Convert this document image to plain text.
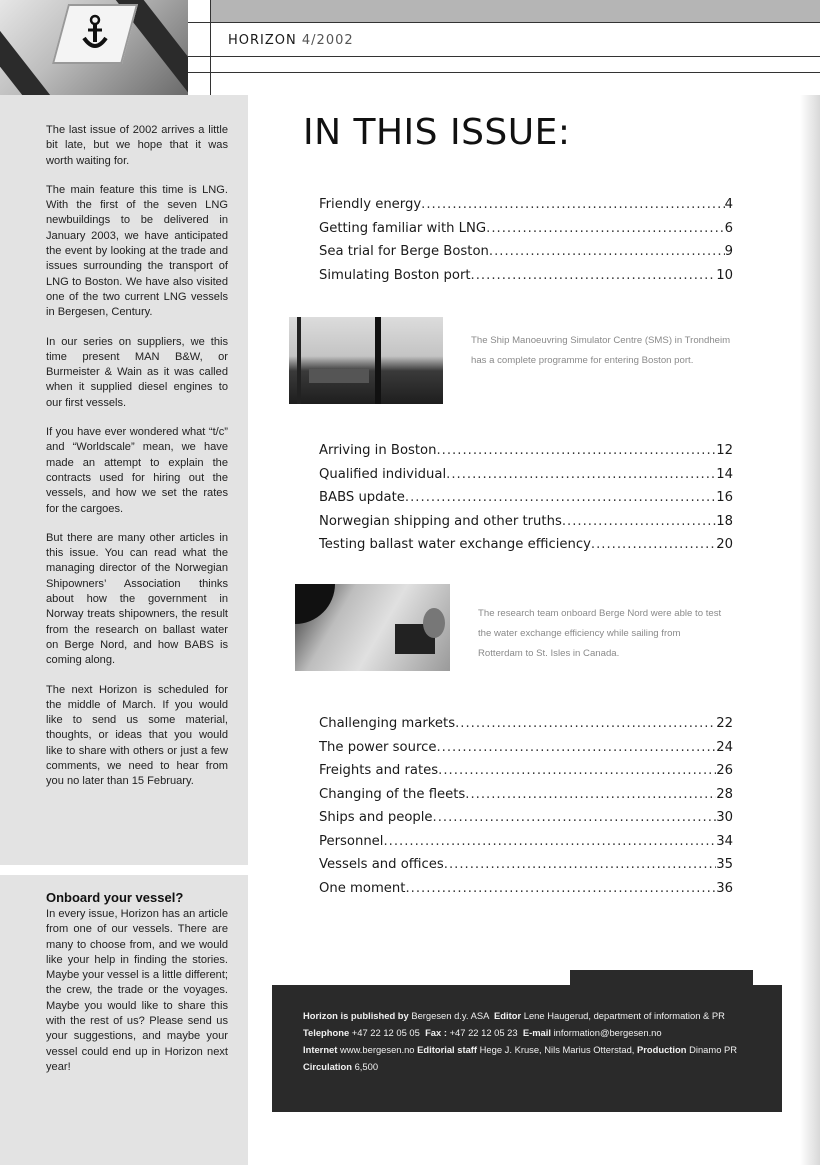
HORIZON 4/2002

The last issue of 2002 arrives a little bit late, but we hope that it was worth waiting for.

The main feature this time is LNG. With the first of the seven LNG newbuildings to be delivered in January 2003, we have anticipated the event by looking at the trade and issues surrounding the transport of LNG to Boston. We have also visited one of the two current LNG vessels in Bergesen, Century.

In our series on suppliers, we this time present MAN B&W, or Burmeister & Wain as it was called when it supplied diesel engines to our first vessels.

If you have ever wondered what “t/c” and “Worldscale” mean, we have made an attempt to explain the contracts used for hiring out the vessels, and how we set the rates for the cargoes.

But there are many other articles in this issue. You can read what the managing director of the Norwegian Shipowners’ Association thinks about how the government in Norway treats shipowners, the result from the research on ballast water on Berge Nord, and how BABS is coming along.

The next Horizon is scheduled for the middle of March. If you would like to send us some material, thoughts, or ideas that you would like to share with others or just a few comments, we need to hear from you no later than 15 February.

Onboard your vessel?
In every issue, Horizon has an article from one of our vessels. There are many to choose from, and we would like your help in finding the stories. Maybe your vessel is a little different; the crew, the trade or the voyages. Maybe you would like to share this with the rest of us? Please send us your suggestions, and maybe your vessel could end up in Horizon next year!
IN THIS ISSUE:
Friendly energy .....	4
Getting familiar with LNG .....	6
Sea trial for Berge Boston .....	9
Simulating Boston port .....	10
The Ship Manoeuvring Simulator Centre (SMS) in Trondheim
has a complete programme for entering Boston port.
Arriving in Boston .....	12
Qualified individual .....	14
BABS update .....	16
Norwegian shipping and other truths .....	18
Testing ballast water exchange efficiency .....	20
The research team onboard Berge Nord were able to test
the water exchange efficiency while sailing from
Rotterdam to St. Isles in Canada.
Challenging markets .....	22
The power source .....	24
Freights and rates .....	26
Changing of the fleets .....	28
Ships and people .....	30
Personnel .....	34
Vessels and offices .....	35
One moment .....	36
Horizon is published by Bergesen d.y. ASA Editor Lene Haugerud, department of information & PR
Telephone +47 22 12 05 05 Fax : +47 22 12 05 23 E-mail information@bergesen.no
Internet www.bergesen.no Editorial staff Hege J. Kruse, Nils Marius Otterstad, Production Dinamo PR
Circulation 6,500
